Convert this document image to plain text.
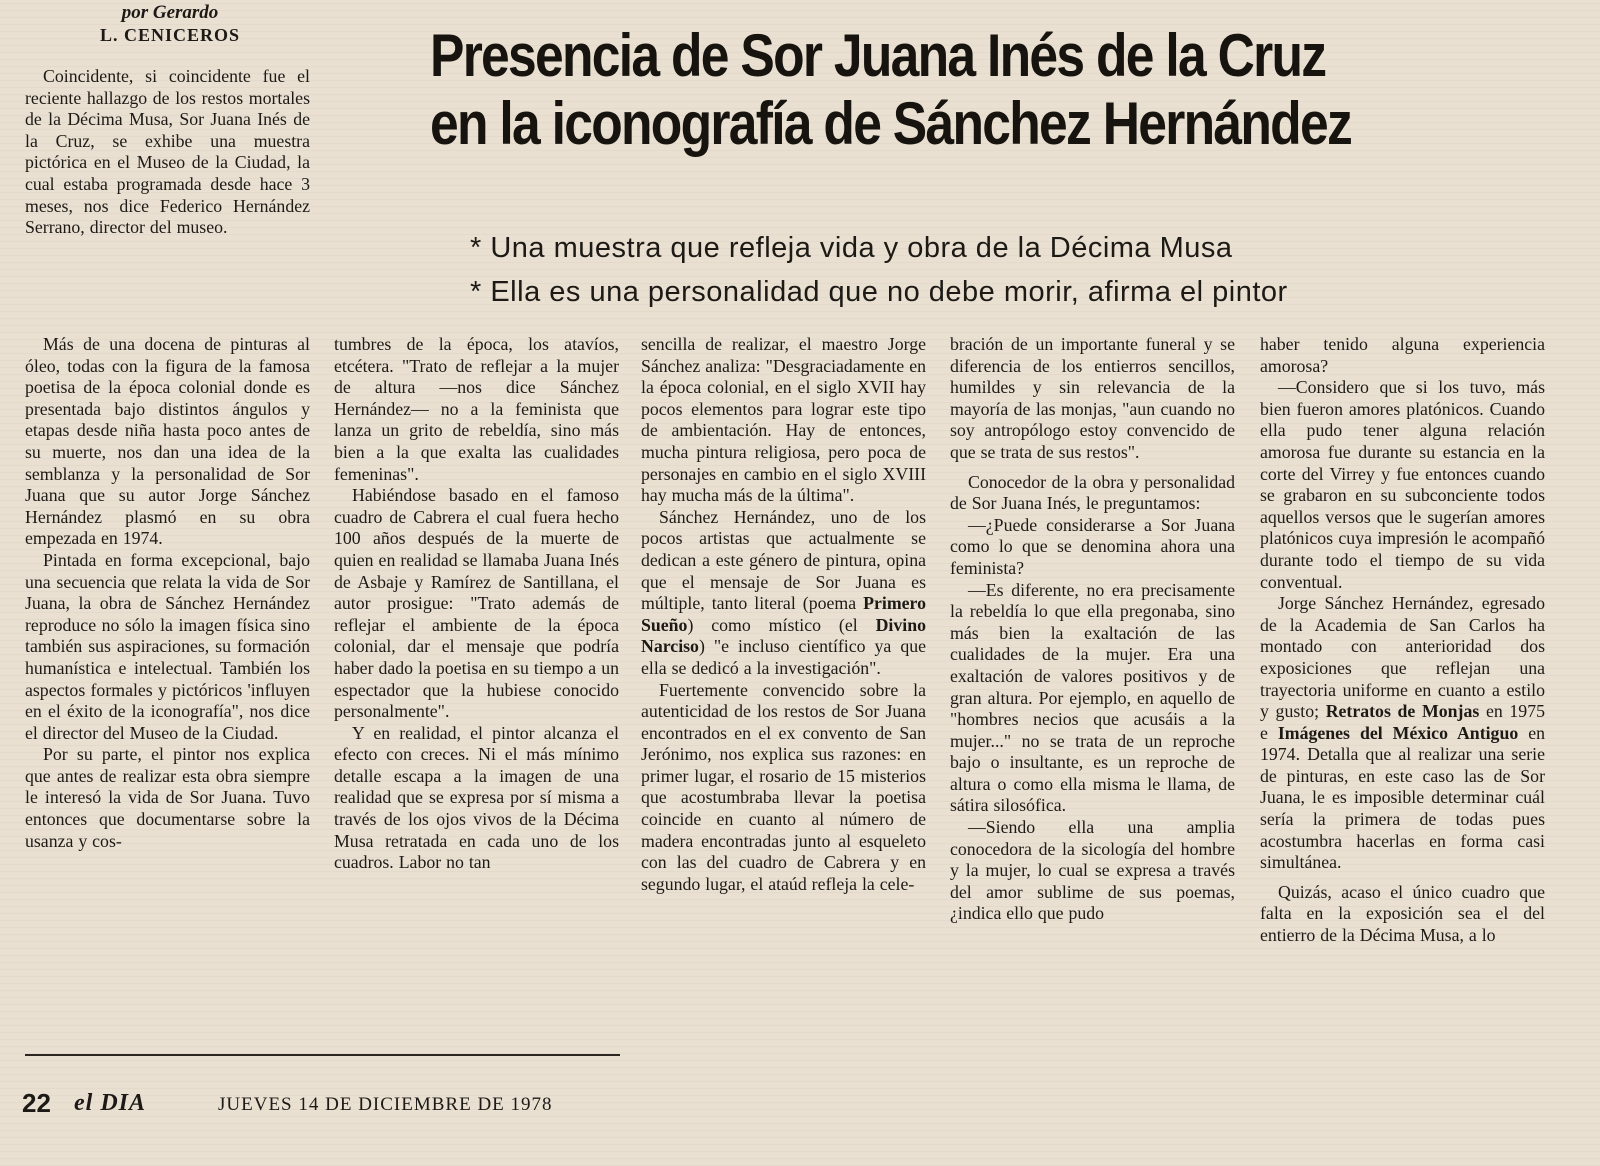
por Gerardo
L. CENICEROS	Presencia de Sor Juana Inés de la Cruz
en la iconografía de Sánchez Hernández
* Una muestra que refleja vida y obra de la Décima Musa
* Ella es una personalidad que no debe morir, afirma el pintor

Coincidente, si coincidente fue el reciente hallazgo de los restos mortales de la Décima Musa, Sor Juana Inés de la Cruz, se exhibe una muestra pictórica en el Museo de la Ciudad, la cual estaba programada desde hace 3 meses, nos dice Federico Hernández Serrano, director del museo.

Más de una docena de pinturas al óleo, todas con la figura de la famosa poetisa de la época colonial donde es presentada bajo distintos ángulos y etapas desde niña hasta poco antes de su muerte, nos dan una idea de la semblanza y la personalidad de Sor Juana que su autor Jorge Sánchez Hernández plasmó en su obra empezada en 1974.

Pintada en forma excepcional, bajo una secuencia que relata la vida de Sor Juana, la obra de Sánchez Hernández reproduce no sólo la imagen física sino también sus aspiraciones, su formación humanística e intelectual. También los aspectos formales y pictóricos 'influyen en el éxito de la iconografía", nos dice el director del Museo de la Ciudad.

Por su parte, el pintor nos explica que antes de realizar esta obra siempre le interesó la vida de Sor Juana. Tuvo entonces que documentarse sobre la usanza y cos-

tumbres de la época, los atavíos, etcétera. "Trato de reflejar a la mujer de altura —nos dice Sánchez Hernández— no a la feminista que lanza un grito de rebeldía, sino más bien a la que exalta las cualidades femeninas".

Habiéndose basado en el famoso cuadro de Cabrera el cual fuera hecho 100 años después de la muerte de quien en realidad se llamaba Juana Inés de Asbaje y Ramírez de Santillana, el autor prosigue: "Trato además de reflejar el ambiente de la época colonial, dar el mensaje que podría haber dado la poetisa en su tiempo a un espectador que la hubiese conocido personalmente".

Y en realidad, el pintor alcanza el efecto con creces. Ni el más mínimo detalle escapa a la imagen de una realidad que se expresa por sí misma a través de los ojos vivos de la Décima Musa retratada en cada uno de los cuadros. Labor no tan

sencilla de realizar, el maestro Jorge Sánchez analiza: "Desgraciadamente en la época colonial, en el siglo XVII hay pocos elementos para lograr este tipo de ambientación. Hay de entonces, mucha pintura religiosa, pero poca de personajes en cambio en el siglo XVIII hay mucha más de la última".

Sánchez Hernández, uno de los pocos artistas que actualmente se dedican a este género de pintura, opina que el mensaje de Sor Juana es múltiple, tanto literal (poema Primero Sueño) como místico (el Divino Narciso) "e incluso científico ya que ella se dedicó a la investigación".

Fuertemente convencido sobre la autenticidad de los restos de Sor Juana encontrados en el ex convento de San Jerónimo, nos explica sus razones: en primer lugar, el rosario de 15 misterios que acostumbraba llevar la poetisa coincide en cuanto al número de madera encontradas junto al esqueleto con las del cuadro de Cabrera y en segundo lugar, el ataúd refleja la cele-

bración de un importante funeral y se diferencia de los entierros sencillos, humildes y sin relevancia de la mayoría de las monjas, "aun cuando no soy antropólogo estoy convencido de que se trata de sus restos".

Conocedor de la obra y personalidad de Sor Juana Inés, le preguntamos:

—¿Puede considerarse a Sor Juana como lo que se denomina ahora una feminista?

—Es diferente, no era precisamente la rebeldía lo que ella pregonaba, sino más bien la exaltación de las cualidades de la mujer. Era una exaltación de valores positivos y de gran altura. Por ejemplo, en aquello de "hombres necios que acusáis a la mujer..." no se trata de un reproche bajo o insultante, es un reproche de altura o como ella misma le llama, de sátira silosófica.

—Siendo ella una amplia conocedora de la sicología del hombre y la mujer, lo cual se expresa a través del amor sublime de sus poemas, ¿indica ello que pudo

haber tenido alguna experiencia amorosa?

—Considero que si los tuvo, más bien fueron amores platónicos. Cuando ella pudo tener alguna relación amorosa fue durante su estancia en la corte del Virrey y fue entonces cuando se grabaron en su subconciente todos aquellos versos que le sugerían amores platónicos cuya impresión le acompañó durante todo el tiempo de su vida conventual.

Jorge Sánchez Hernández, egresado de la Academia de San Carlos ha montado con anterioridad dos exposiciones que reflejan una trayectoria uniforme en cuanto a estilo y gusto; Retratos de Monjas en 1975 e Imágenes del México Antiguo en 1974. Detalla que al realizar una serie de pinturas, en este caso las de Sor Juana, le es imposible determinar cuál sería la primera de todas pues acostumbra hacerlas en forma casi simultánea.

Quizás, acaso el único cuadro que falta en la exposición sea el del entierro de la Décima Musa, a lo

22 el DIA	JUEVES 14 DE DICIEMBRE DE 1978
